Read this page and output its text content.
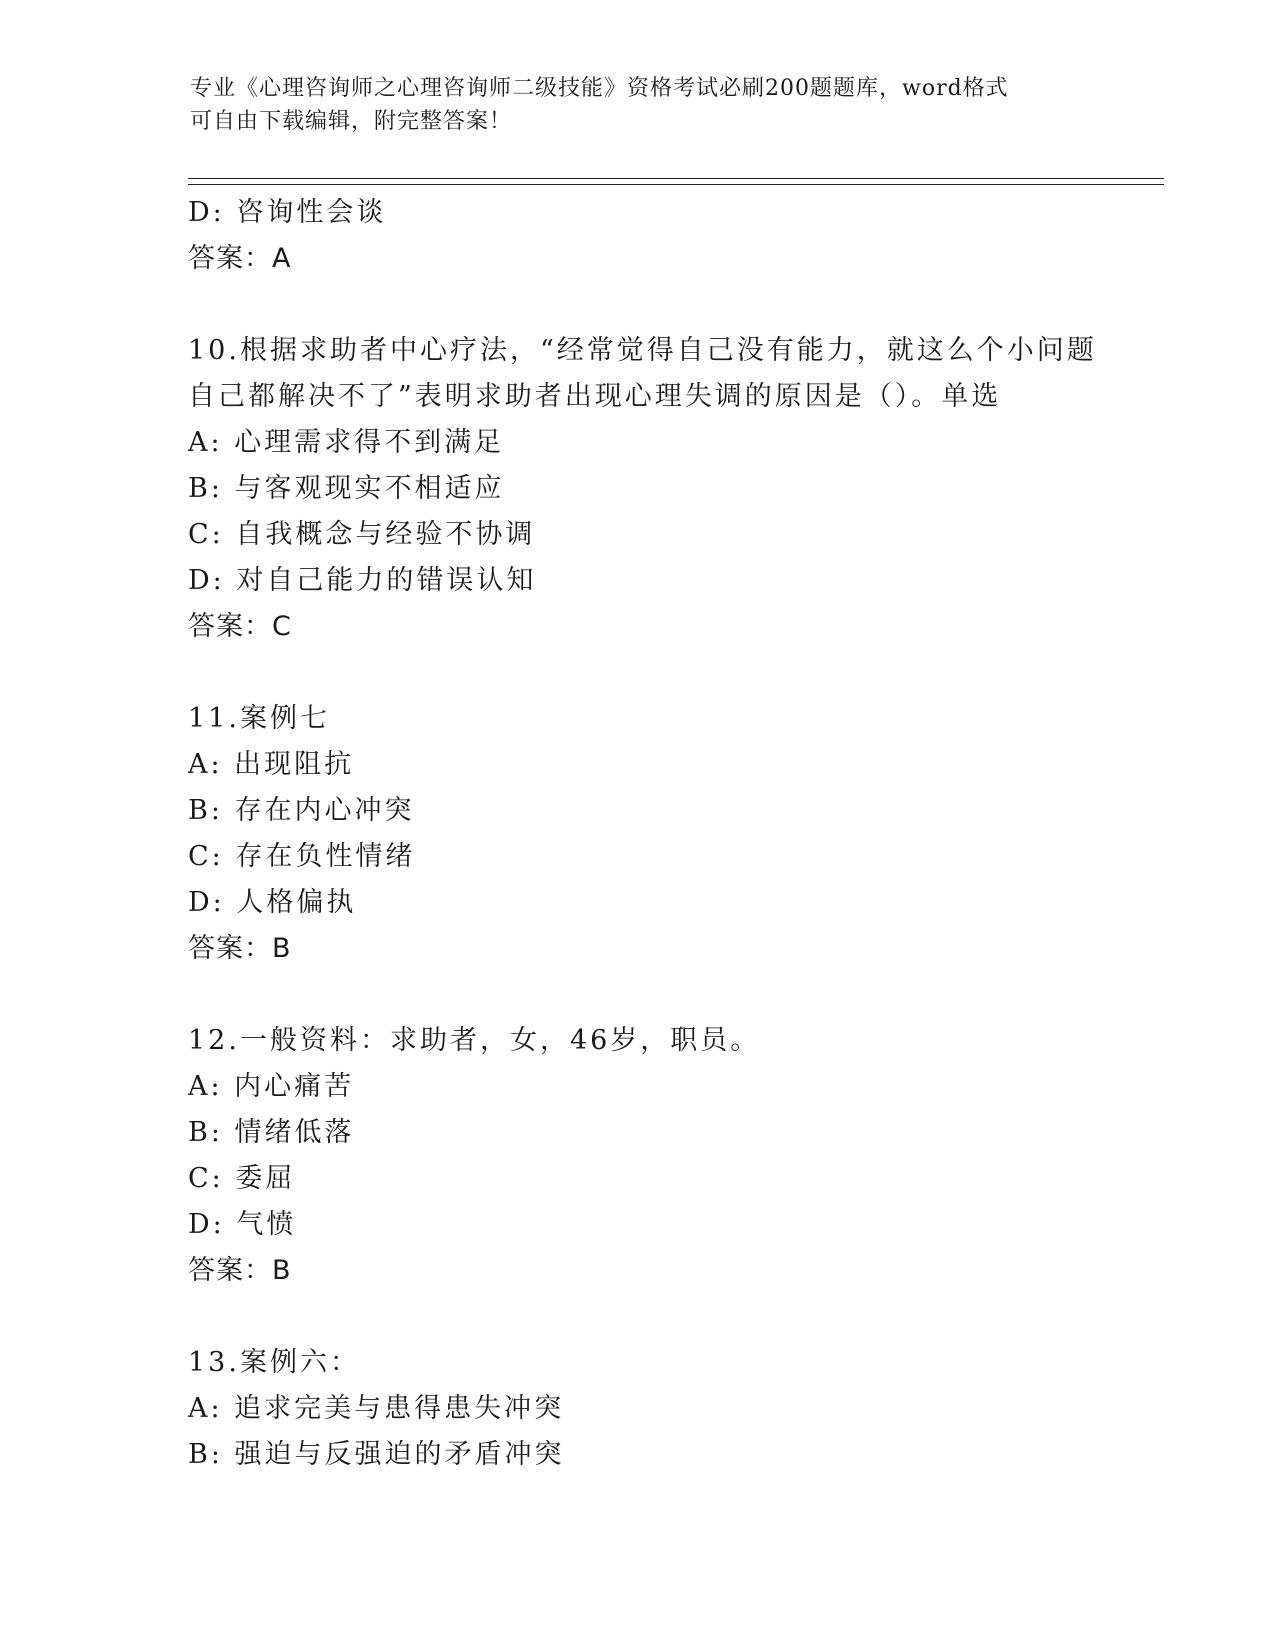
专业《心理咨询师之心理咨询师二级技能》资格考试必刷200题题库，word格式
可自由下载编辑，附完整答案！
D: 咨询性会谈
答案：A
10.根据求助者中心疗法，“经常觉得自己没有能力，就这么个小问题
自己都解决不了”表明求助者出现心理失调的原因是（）。单选
A: 心理需求得不到满足
B: 与客观现实不相适应
C: 自我概念与经验不协调
D: 对自己能力的错误认知
答案：C
11.案例七
A: 出现阻抗
B: 存在内心冲突
C: 存在负性情绪
D: 人格偏执
答案：B
12.一般资料：求助者，女，46岁，职员。
A: 内心痛苦
B: 情绪低落
C: 委屈
D: 气愤
答案：B
13.案例六：
A: 追求完美与患得患失冲突
B: 强迫与反强迫的矛盾冲突
